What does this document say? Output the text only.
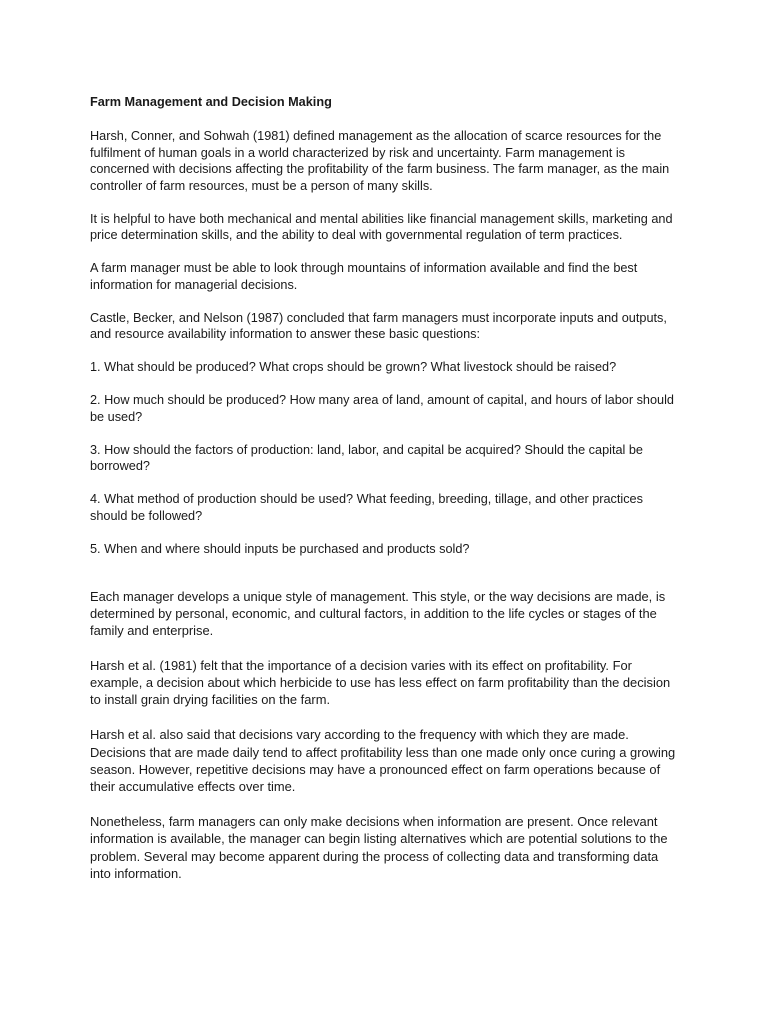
Farm Management and Decision Making

Harsh, Conner, and Sohwah (1981) defined management as the allocation of scarce resources for the fulfilment of human goals in a world characterized by risk and uncertainty. Farm management is concerned with decisions affecting the profitability of the farm business. The farm manager, as the main controller of farm resources, must be a person of many skills.

It is helpful to have both mechanical and mental abilities like financial management skills, marketing and price determination skills, and the ability to deal with governmental regulation of term practices.

A farm manager must be able to look through mountains of information available and find the best information for managerial decisions.

Castle, Becker, and Nelson (1987) concluded that farm managers must incorporate inputs and outputs, and resource availability information to answer these basic questions:

1. What should be produced? What crops should be grown? What livestock should be raised?

2. How much should be produced? How many area of land, amount of capital, and hours of labor should be used?

3. How should the factors of production: land, labor, and capital be acquired? Should the capital be borrowed?

4. What method of production should be used? What feeding, breeding, tillage, and other practices should be followed?

5. When and where should inputs be purchased and products sold?

Each manager develops a unique style of management. This style, or the way decisions are made, is determined by personal, economic, and cultural factors, in addition to the life cycles or stages of the family and enterprise.

Harsh et al. (1981) felt that the importance of a decision varies with its effect on profitability. For example, a decision about which herbicide to use has less effect on farm profitability than the decision to install grain drying facilities on the farm.

Harsh et al. also said that decisions vary according to the frequency with which they are made. Decisions that are made daily tend to affect profitability less than one made only once curing a growing season. However, repetitive decisions may have a pronounced effect on farm operations because of their accumulative effects over time.

Nonetheless, farm managers can only make decisions when information are present. Once relevant information is available, the manager can begin listing alternatives which are potential solutions to the problem. Several may become apparent during the process of collecting data and transforming data into information.
